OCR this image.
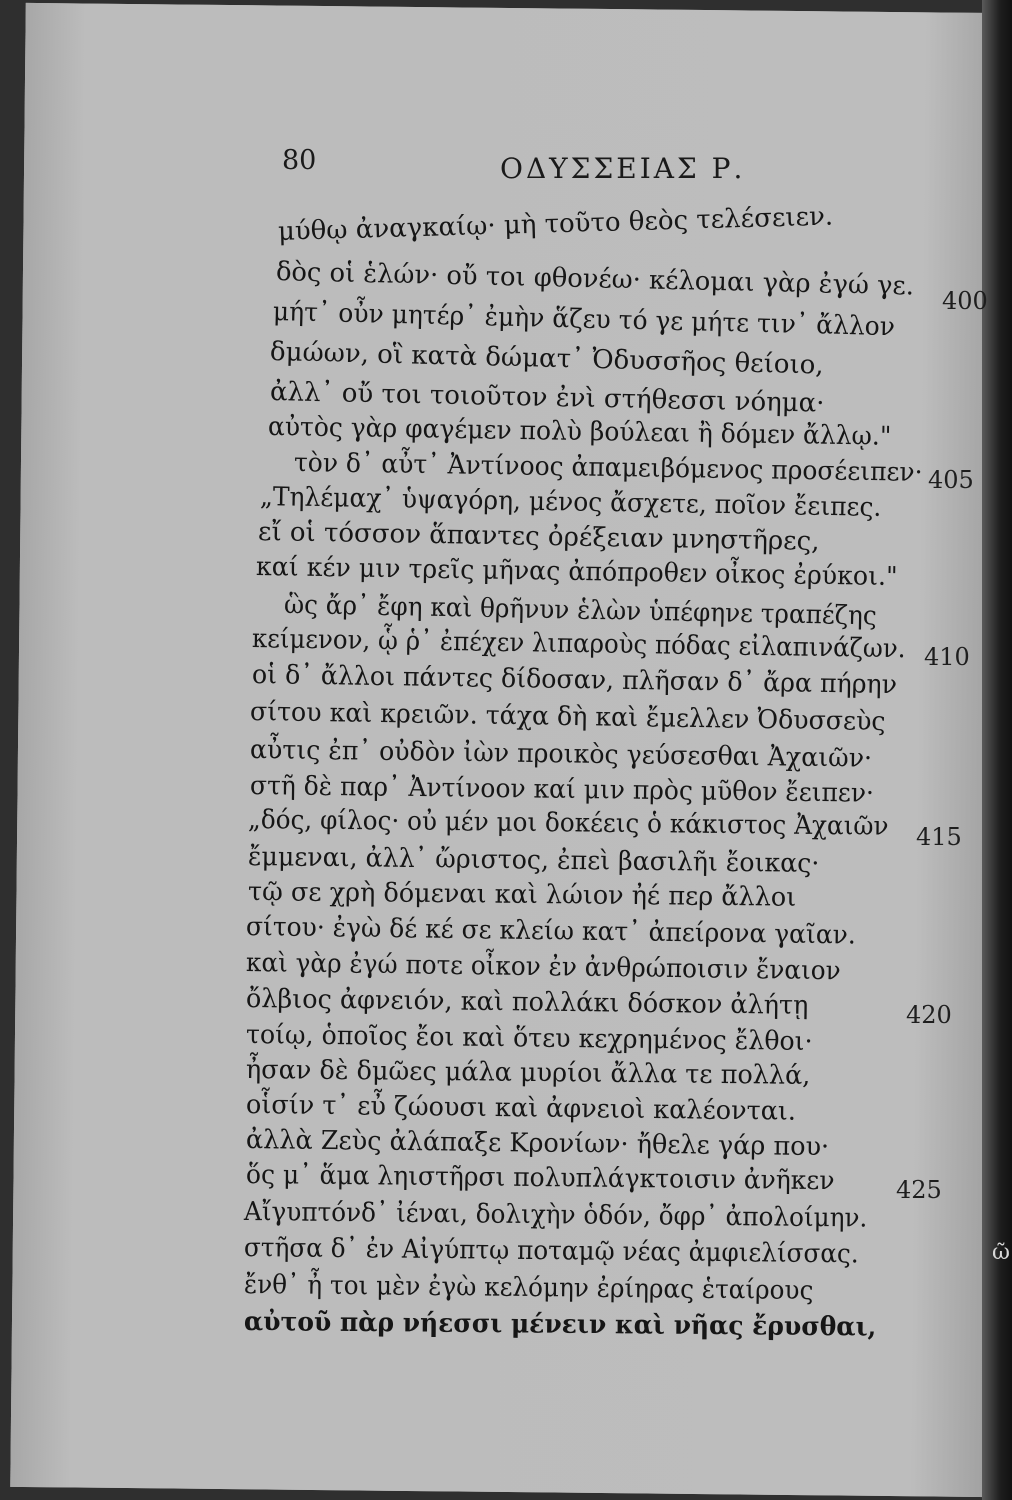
ῶ
80	ΟΔΥΣΣΕΙΑΣ Ρ.
μύθῳ ἀναγκαίῳ· μὴ τοῦτο θεὸς τελέσειεν.
δὸς οἱ ἑλών· οὔ τοι φθονέω· κέλομαι γὰρ ἐγώ γε.
μήτ᾽ οὖν μητέρ᾽ ἐμὴν ἅζευ τό γε μήτε τιν᾽ ἄλλον
δμώων, οἳ κατὰ δώματ᾽ Ὀδυσσῆος θείοιο,
ἀλλ᾽ οὔ τοι τοιοῦτον ἐνὶ στήθεσσι νόημα·
αὐτὸς γὰρ φαγέμεν πολὺ βούλεαι ἢ δόμεν ἄλλῳ."
τὸν δ᾽ αὖτ᾽ Ἀντίνοος ἀπαμειβόμενος προσέειπεν·
„Τηλέμαχ᾽ ὑψαγόρη, μένος ἄσχετε, ποῖον ἔειπες.
εἴ οἱ τόσσον ἅπαντες ὀρέξειαν μνηστῆρες,
καί κέν μιν τρεῖς μῆνας ἀπόπροθεν οἶκος ἐρύκοι."
ὣς ἄρ᾽ ἔφη καὶ θρῆνυν ἑλὼν ὑπέφηνε τραπέζης
κείμενον, ᾧ ῥ᾽ ἐπέχεν λιπαροὺς πόδας εἰλαπινάζων.
οἱ δ᾽ ἄλλοι πάντες δίδοσαν, πλῆσαν δ᾽ ἄρα πήρην
σίτου καὶ κρειῶν. τάχα δὴ καὶ ἔμελλεν Ὀδυσσεὺς
αὖτις ἐπ᾽ οὐδὸν ἰὼν προικὸς γεύσεσθαι Ἀχαιῶν·
στῆ δὲ παρ᾽ Ἀντίνοον καί μιν πρὸς μῦθον ἔειπεν·
„δός, φίλος· οὐ μέν μοι δοκέεις ὁ κάκιστος Ἀχαιῶν
ἔμμεναι, ἀλλ᾽ ὤριστος, ἐπεὶ βασιλῆι ἔοικας·
τῷ σε χρὴ δόμεναι καὶ λώιον ἠέ περ ἄλλοι
σίτου· ἐγὼ δέ κέ σε κλείω κατ᾽ ἀπείρονα γαῖαν.
καὶ γὰρ ἐγώ ποτε οἶκον ἐν ἀνθρώποισιν ἔναιον
ὄλβιος ἀφνειόν, καὶ πολλάκι δόσκον ἀλήτῃ
τοίῳ, ὁποῖος ἔοι καὶ ὅτευ κεχρημένος ἔλθοι·
ἦσαν δὲ δμῶες μάλα μυρίοι ἄλλα τε πολλά,
οἷσίν τ᾽ εὖ ζώουσι καὶ ἀφνειοὶ καλέονται.
ἀλλὰ Ζεὺς ἀλάπαξε Κρονίων· ἤθελε γάρ που·
ὅς μ᾽ ἅμα ληιστῆρσι πολυπλάγκτοισιν ἀνῆκεν
Αἴγυπτόνδ᾽ ἰέναι, δολιχὴν ὁδόν, ὄφρ᾽ ἀπολοίμην.
στῆσα δ᾽ ἐν Αἰγύπτῳ ποταμῷ νέας ἀμφιελίσσας.
ἔνθ᾽ ἦ τοι μὲν ἐγὼ κελόμην ἐρίηρας ἑταίρους
αὐτοῦ πὰρ νήεσσι μένειν καὶ νῆας ἔρυσθαι,
400
405
410
415
420
425
